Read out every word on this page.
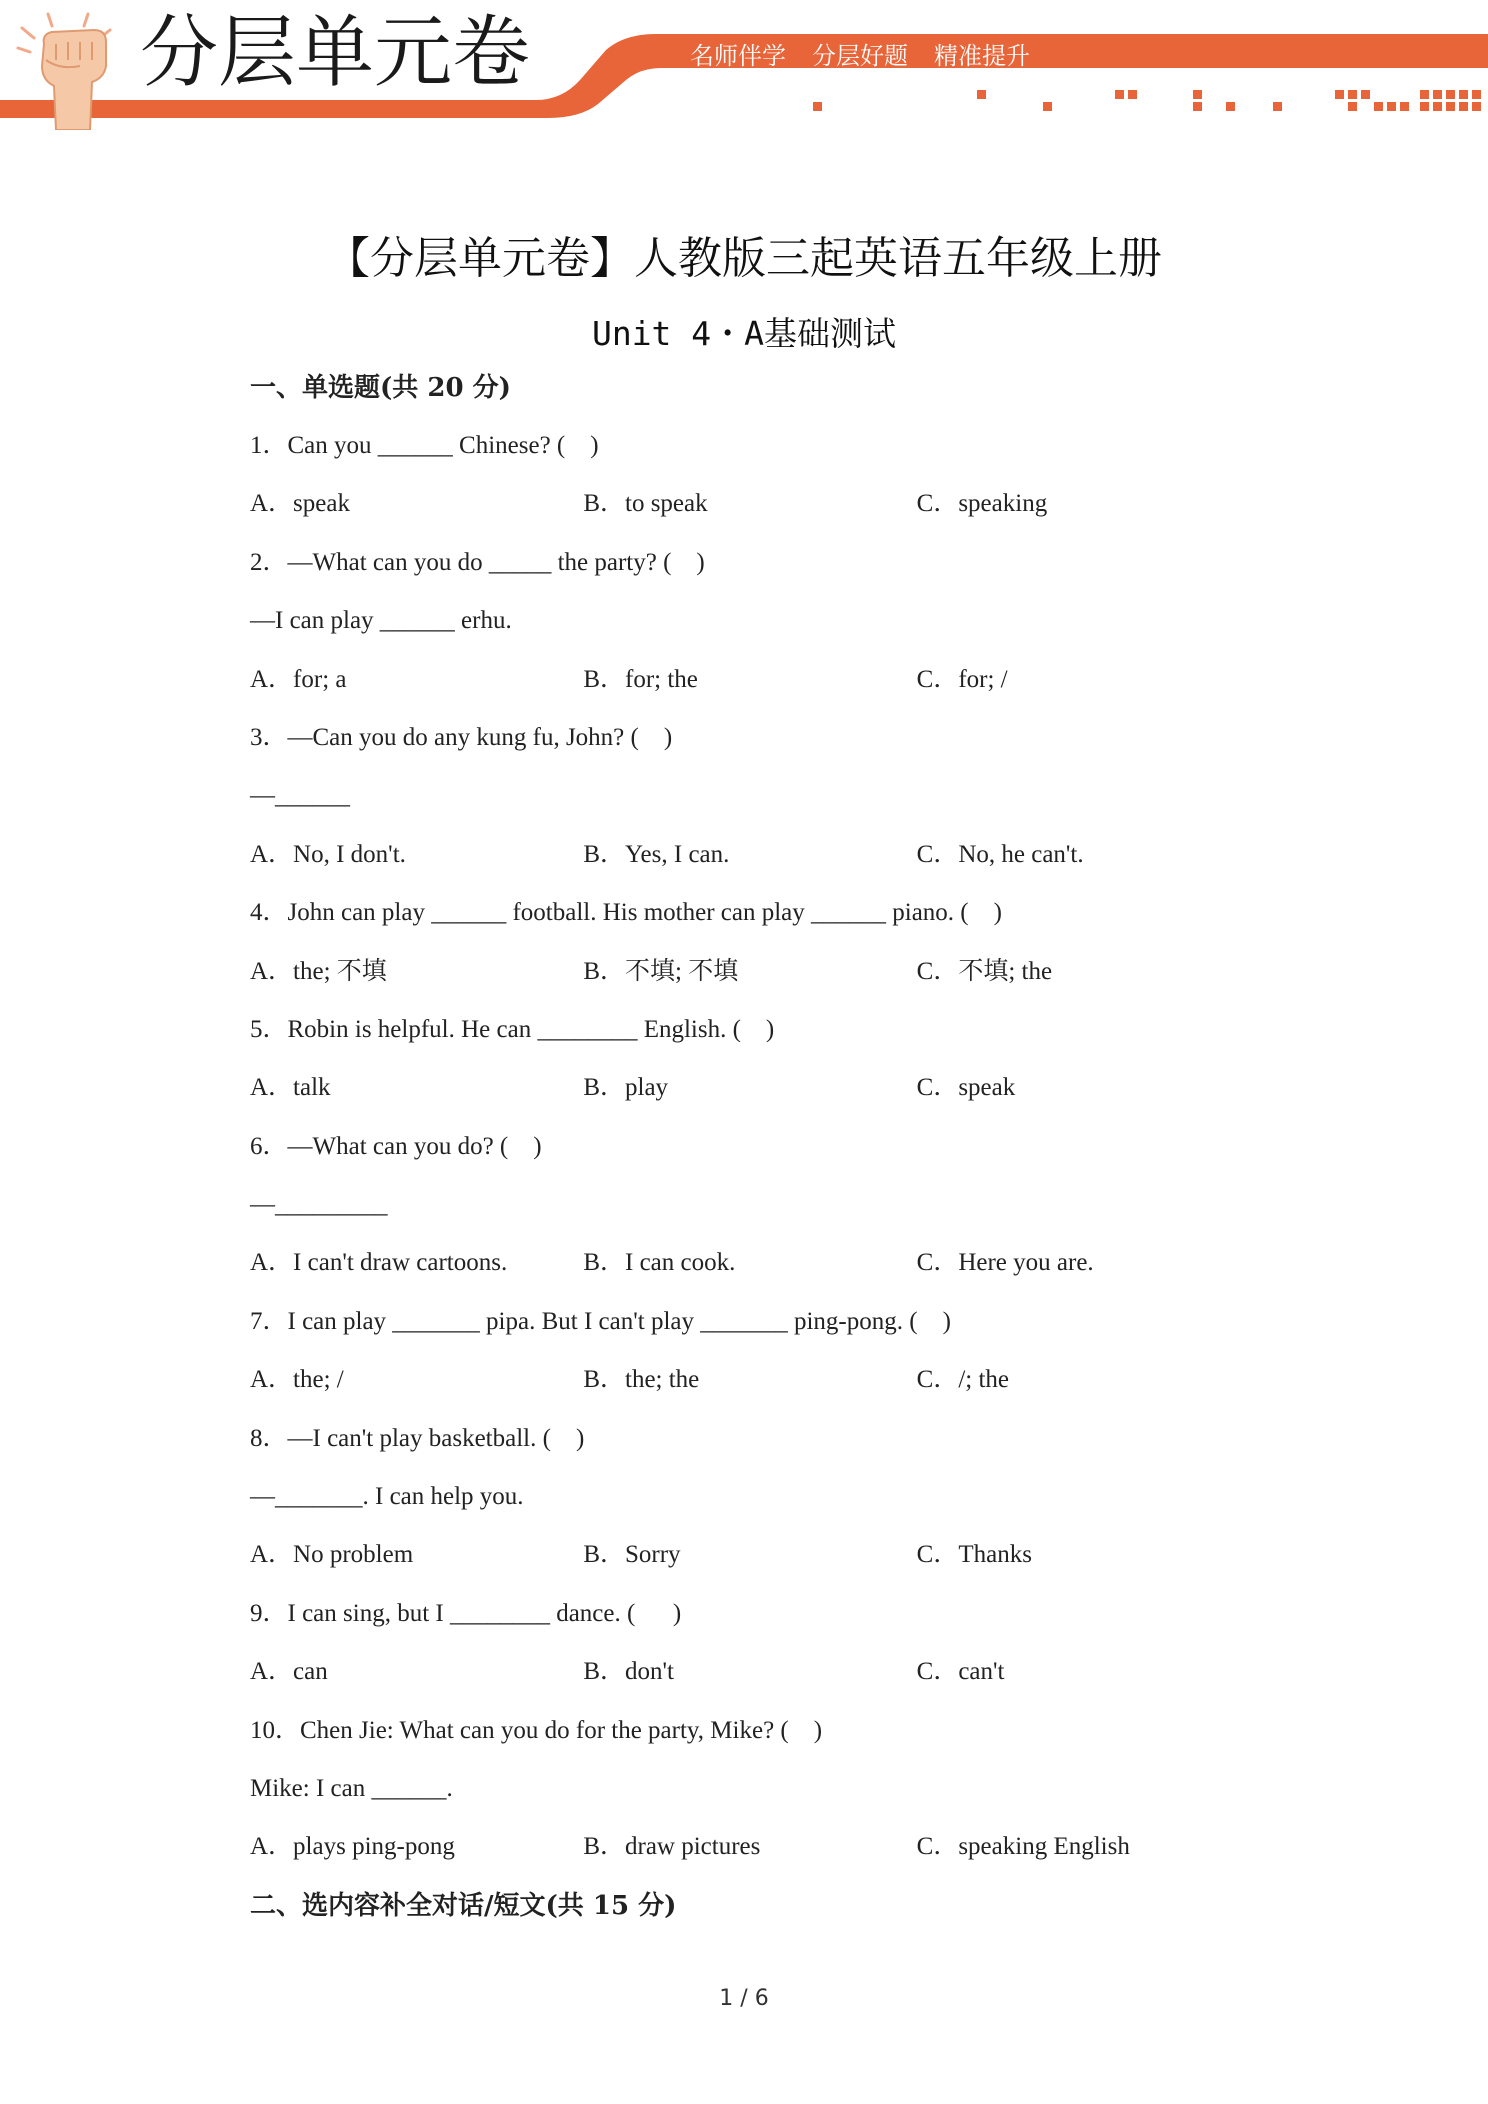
分层单元卷	名师伴学 分层好题 精准提升
【分层单元卷】人教版三起英语五年级上册
Unit 4・A基础测试
一、单选题(共 20 分)
1．Can you ______ Chinese? (    )
A．speak	B．to speak	C．speaking
2．—What can you do _____ the party? (    )
—I can play ______ erhu.
A．for; a	B．for; the	C．for; /
3．—Can you do any kung fu, John? (    )
—______
A．No, I don't.	B．Yes, I can.	C．No, he can't.
4．John can play ______ football. His mother can play ______ piano. (    )
A．the; 不填	B．不填; 不填	C．不填; the
5．Robin is helpful. He can ________ English. (    )
A．talk	B．play	C．speak
6．—What can you do? (    )
—_________
A．I can't draw cartoons.	B．I can cook.	C．Here you are.
7．I can play _______ pipa. But I can't play _______ ping-pong. (    )
A．the; /	B．the; the	C．/; the
8．—I can't play basketball. (    )
—_______. I can help you.
A．No problem	B．Sorry	C．Thanks
9．I can sing, but I ________ dance. (      )
A．can	B．don't	C．can't
10．Chen Jie: What can you do for the party, Mike? (    )
Mike: I can ______.
A．plays ping-pong	B．draw pictures	C．speaking English
二、选内容补全对话/短文(共 15 分)
1 / 6
